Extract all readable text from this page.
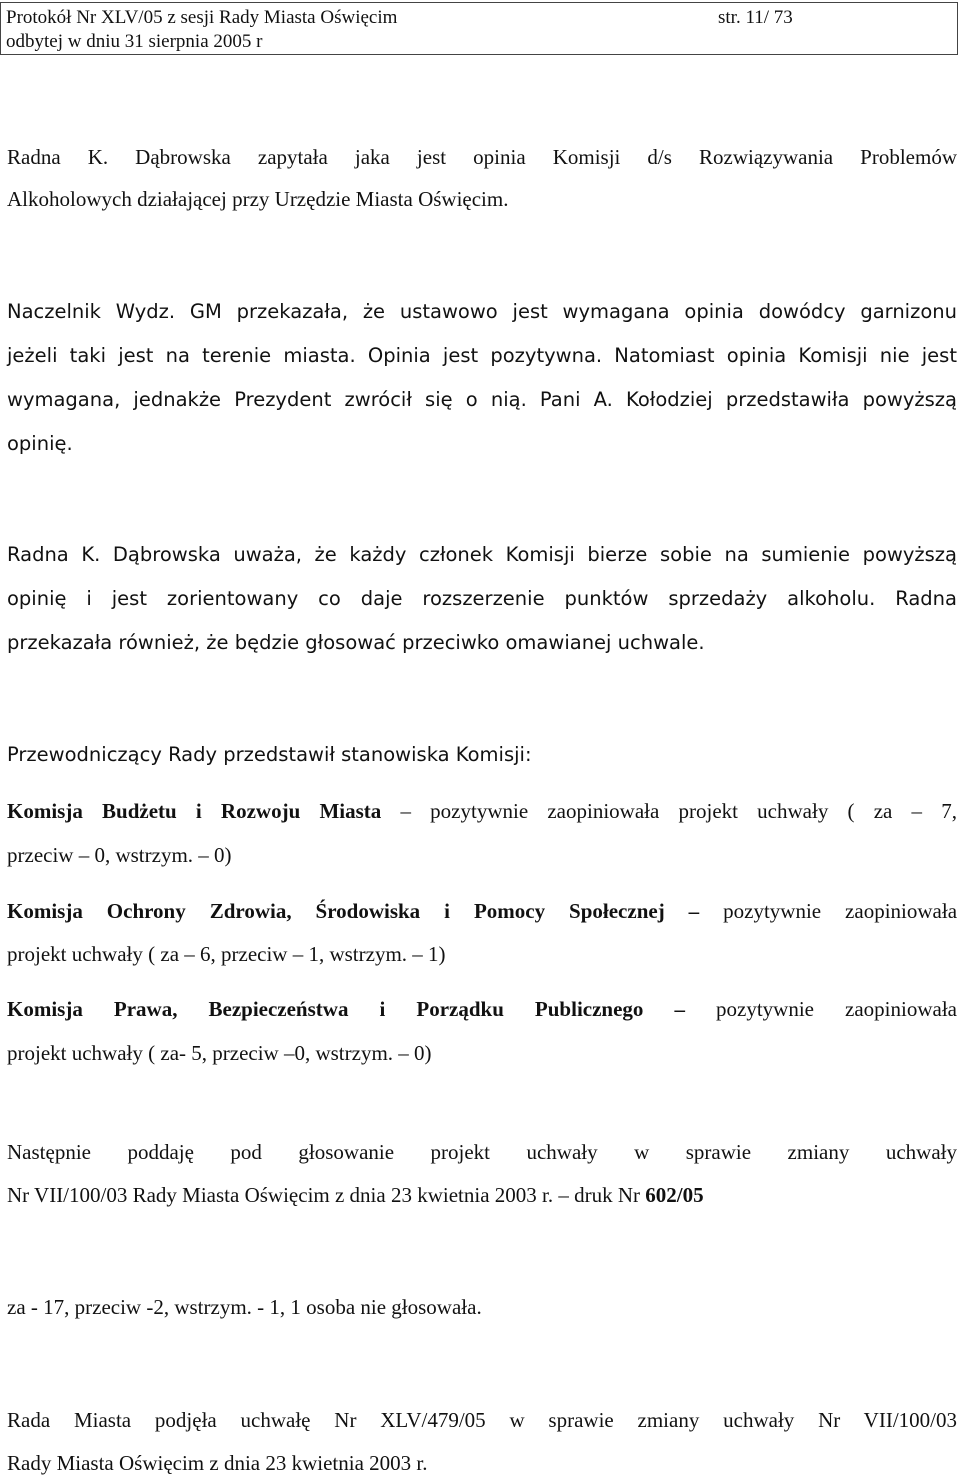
Protokół Nr XLV/05 z sesji Rady Miasta Oświęcim	str. 11/ 73
odbytej w dniu 31 sierpnia 2005 r
Radna K. Dąbrowska zapytała jaka jest opinia Komisji d/s Rozwiązywania Problemów
Alkoholowych działającej przy Urzędzie Miasta Oświęcim.
Naczelnik Wydz. GM przekazała, że ustawowo jest wymagana opinia dowódcy garnizonu
jeżeli taki jest na terenie miasta. Opinia jest pozytywna. Natomiast opinia Komisji nie jest
wymagana, jednakże Prezydent zwrócił się o nią. Pani A. Kołodziej przedstawiła powyższą
opinię.
Radna K. Dąbrowska uważa, że każdy członek Komisji bierze sobie na sumienie powyższą
opinię i jest zorientowany co daje rozszerzenie punktów sprzedaży alkoholu. Radna
przekazała również, że będzie głosować przeciwko omawianej uchwale.
Przewodniczący Rady przedstawił stanowiska Komisji:
Komisja Budżetu i Rozwoju Miasta – pozytywnie zaopiniowała projekt uchwały ( za – 7,
przeciw – 0, wstrzym. – 0)
Komisja Ochrony Zdrowia, Środowiska i Pomocy Społecznej – pozytywnie zaopiniowała
projekt uchwały ( za – 6, przeciw – 1, wstrzym. – 1)
Komisja Prawa, Bezpieczeństwa i Porządku Publicznego – pozytywnie zaopiniowała
projekt uchwały ( za- 5, przeciw –0, wstrzym. – 0)
Następnie poddaję pod głosowanie projekt uchwały w sprawie zmiany uchwały
Nr VII/100/03 Rady Miasta Oświęcim z dnia 23 kwietnia 2003 r. – druk Nr 602/05
za - 17, przeciw -2, wstrzym. - 1, 1 osoba nie głosowała.
Rada Miasta podjęła uchwałę Nr XLV/479/05 w sprawie zmiany uchwały Nr VII/100/03
Rady Miasta Oświęcim z dnia 23 kwietnia 2003 r.
